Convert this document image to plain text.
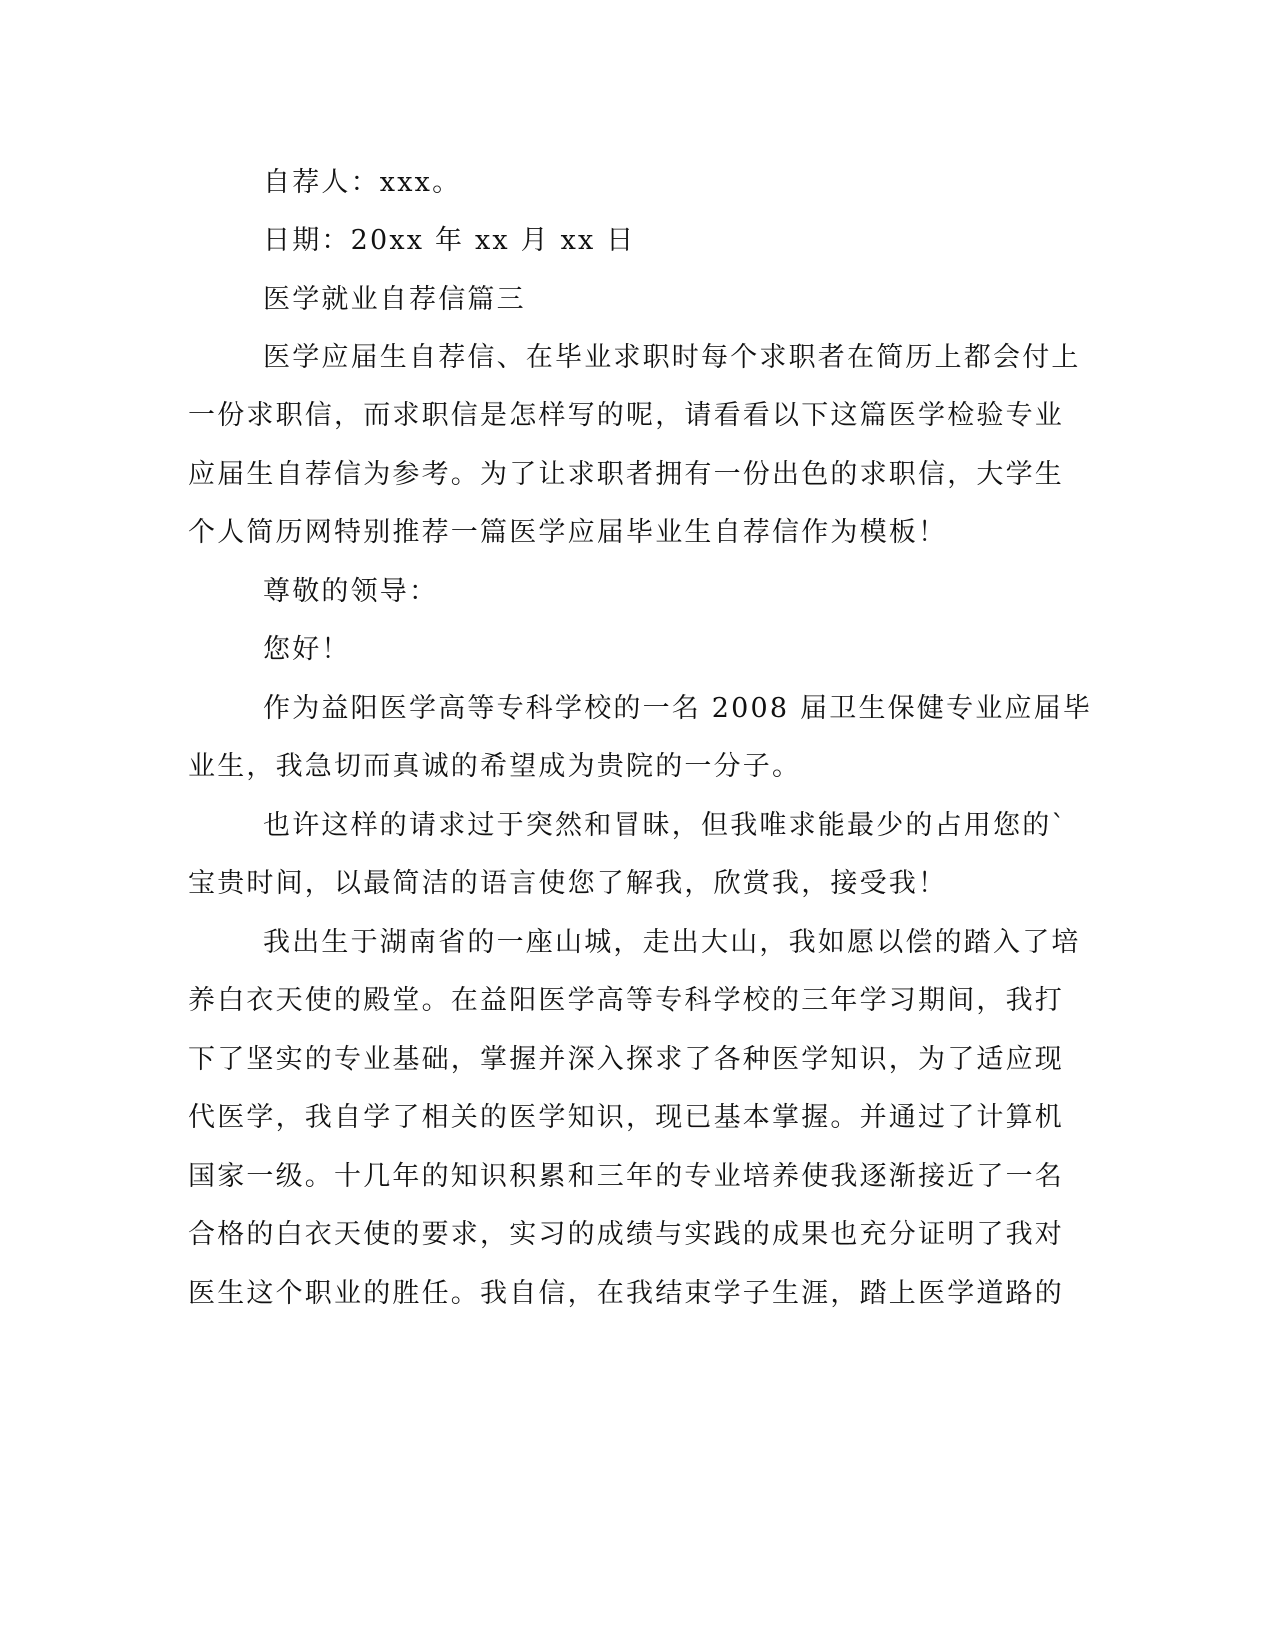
自荐人：xxx。
日期：20xx 年 xx 月 xx 日
医学就业自荐信篇三
医学应届生自荐信、在毕业求职时每个求职者在简历上都会付上
一份求职信，而求职信是怎样写的呢，请看看以下这篇医学检验专业
应届生自荐信为参考。为了让求职者拥有一份出色的求职信，大学生
个人简历网特别推荐一篇医学应届毕业生自荐信作为模板！
尊敬的领导：
您好！
作为益阳医学高等专科学校的一名 2008 届卫生保健专业应届毕
业生，我急切而真诚的希望成为贵院的一分子。
也许这样的请求过于突然和冒昧，但我唯求能最少的占用您的`
宝贵时间，以最简洁的语言使您了解我，欣赏我，接受我！
我出生于湖南省的一座山城，走出大山，我如愿以偿的踏入了培
养白衣天使的殿堂。在益阳医学高等专科学校的三年学习期间，我打
下了坚实的专业基础，掌握并深入探求了各种医学知识，为了适应现
代医学，我自学了相关的医学知识，现已基本掌握。并通过了计算机
国家一级。十几年的知识积累和三年的专业培养使我逐渐接近了一名
合格的白衣天使的要求，实习的成绩与实践的成果也充分证明了我对
医生这个职业的胜任。我自信，在我结束学子生涯，踏上医学道路的
